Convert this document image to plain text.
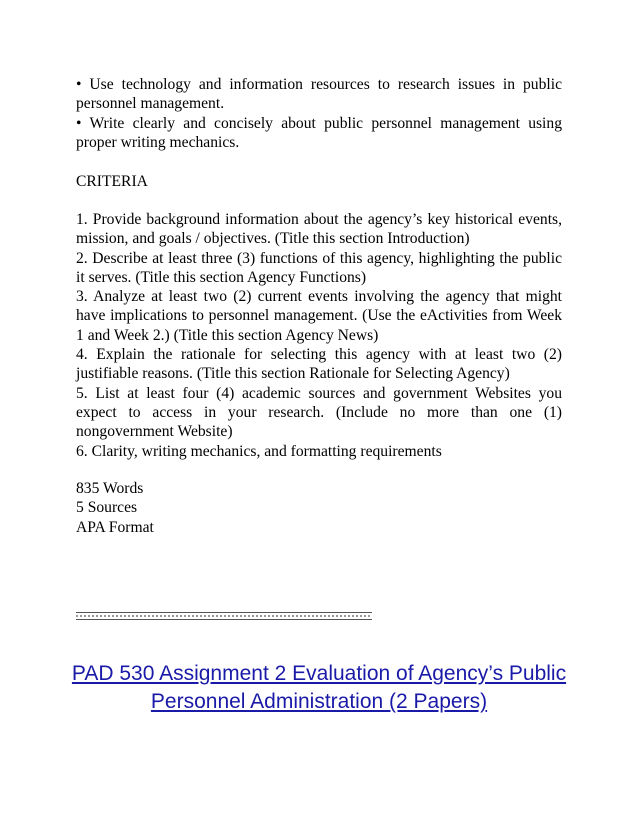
• Use technology and information resources to research issues in public personnel management.

• Write clearly and concisely about public personnel management using proper writing mechanics.

CRITERIA

1. Provide background information about the agency’s key historical events, mission, and goals / objectives. (Title this section Introduction)

2. Describe at least three (3) functions of this agency, highlighting the public it serves. (Title this section Agency Functions)

3. Analyze at least two (2) current events involving the agency that might have implications to personnel management. (Use the eActivities from Week 1 and Week 2.) (Title this section Agency News)

4. Explain the rationale for selecting this agency with at least two (2) justifiable reasons. (Title this section Rationale for Selecting Agency)

5. List at least four (4) academic sources and government Websites you expect to access in your research. (Include no more than one (1) nongovernment Website)

6. Clarity, writing mechanics, and formatting requirements

835 Words

5 Sources

APA Format

PAD 530 Assignment 2 Evaluation of Agency’s Public Personnel Administration (2 Papers)
